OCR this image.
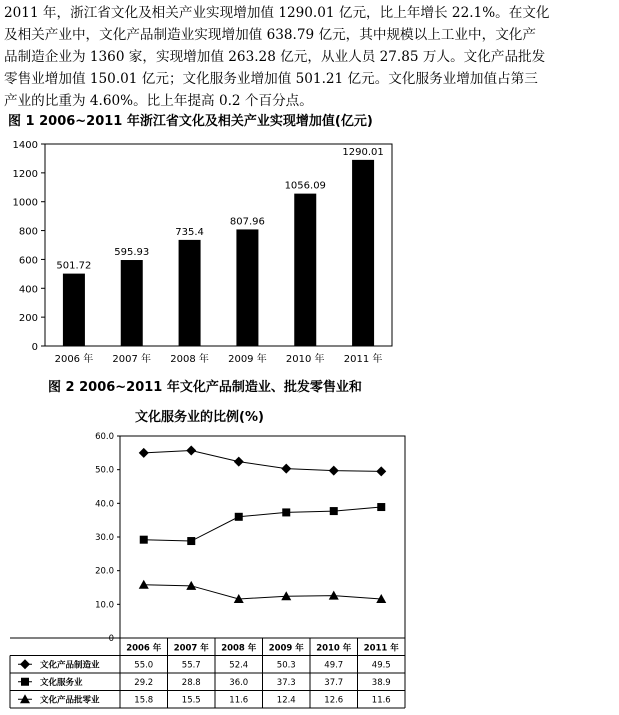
2011 年，浙江省文化及相关产业实现增加值 1290.01 亿元，比上年增长 22.1%。在文化
及相关产业中，文化产品制造业实现增加值 638.79 亿元，其中规模以上工业中，文化产
品制造企业为 1360 家，实现增加值 263.28 亿元，从业人员 27.85 万人。文化产品批发
零售业增加值 150.01 亿元；文化服务业增加值 501.21 亿元。文化服务业增加值占第三
产业的比重为 4.60%。比上年提高 0.2 个百分点。
图 1 2006~2011 年浙江省文化及相关产业实现增加值(亿元)
0
200
400
600
800
1000
1200
1400
501.72
2006 年
595.93
2007 年
735.4
2008 年
807.96
2009 年
1056.09
2010 年
1290.01
2011 年
图 2 2006~2011 年文化产品制造业、批发零售业和
文化服务业的比例(%)
0
10.0
20.0
30.0
40.0
50.0
60.0
2006 年 2007 年 2008 年 2009 年 2010 年 2011 年
文化产品制造业	55.0	55.7	52.4	50.3	49.7	49.5
文化服务业	29.2	28.8	36.0	37.3	37.7	38.9
文化产品批零业	15.8	15.5	11.6	12.4	12.6	11.6
